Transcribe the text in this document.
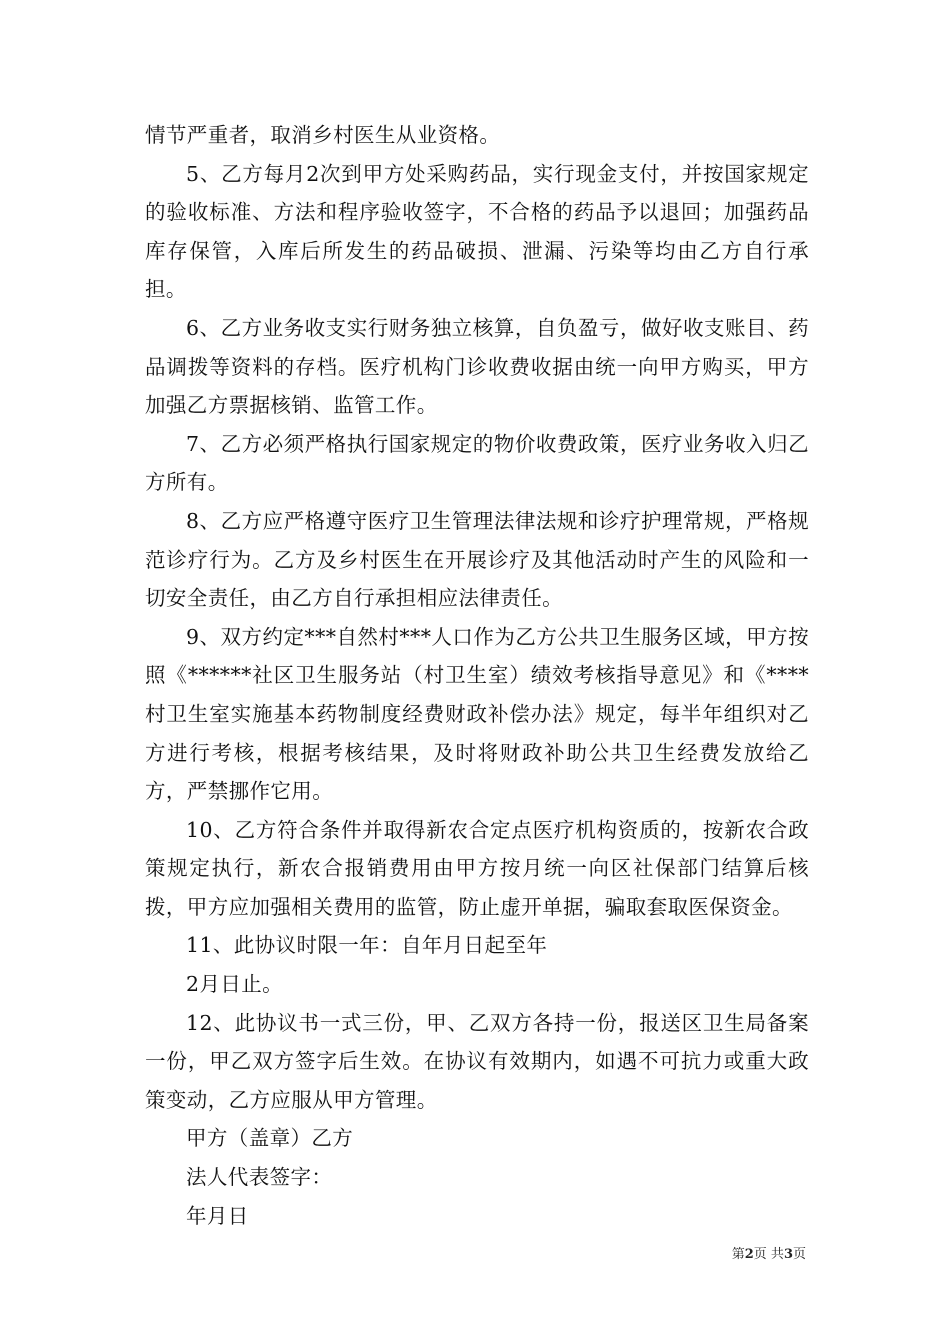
情节严重者，取消乡村医生从业资格。

5、乙方每月2次到甲方处采购药品，实行现金支付，并按国家规定的验收标准、方法和程序验收签字，不合格的药品予以退回；加强药品库存保管，入库后所发生的药品破损、泄漏、污染等均由乙方自行承担。

6、乙方业务收支实行财务独立核算，自负盈亏，做好收支账目、药品调拨等资料的存档。医疗机构门诊收费收据由统一向甲方购买，甲方加强乙方票据核销、监管工作。

7、乙方必须严格执行国家规定的物价收费政策，医疗业务收入归乙方所有。

8、乙方应严格遵守医疗卫生管理法律法规和诊疗护理常规，严格规范诊疗行为。乙方及乡村医生在开展诊疗及其他活动时产生的风险和一切安全责任，由乙方自行承担相应法律责任。

9、双方约定***自然村***人口作为乙方公共卫生服务区域，甲方按照《******社区卫生服务站（村卫生室）绩效考核指导意见》和《****村卫生室实施基本药物制度经费财政补偿办法》规定，每半年组织对乙方进行考核，根据考核结果，及时将财政补助公共卫生经费发放给乙方，严禁挪作它用。

10、乙方符合条件并取得新农合定点医疗机构资质的，按新农合政策规定执行，新农合报销费用由甲方按月统一向区社保部门结算后核拨，甲方应加强相关费用的监管，防止虚开单据，骗取套取医保资金。

11、此协议时限一年：自年月日起至年

2月日止。

12、此协议书一式三份，甲、乙双方各持一份，报送区卫生局备案一份，甲乙双方签字后生效。在协议有效期内，如遇不可抗力或重大政策变动，乙方应服从甲方管理。

甲方（盖章）乙方

法人代表签字：

年月日

第2页 共3页
